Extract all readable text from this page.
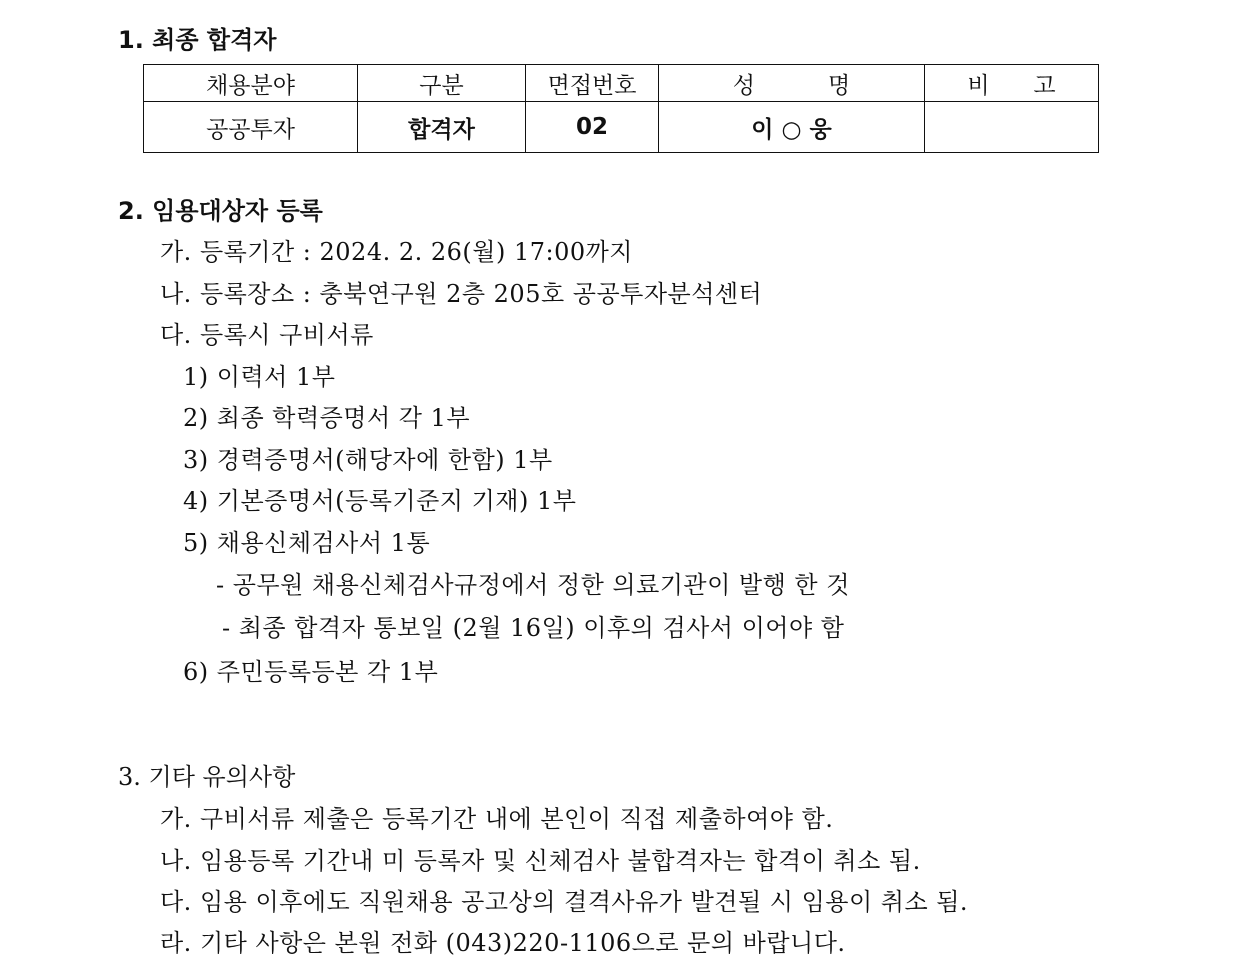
1. 최종 합격자
채용분야	구분	면접번호	성          명	비      고
공공투자	합격자	02	이 ○ 웅	
2. 임용대상자 등록
가. 등록기간 : 2024. 2. 26(월) 17:00까지
나. 등록장소 : 충북연구원 2층 205호 공공투자분석센터
다. 등록시 구비서류
1) 이력서 1부
2) 최종 학력증명서 각 1부
3) 경력증명서(해당자에 한함) 1부
4) 기본증명서(등록기준지 기재) 1부
5) 채용신체검사서 1통
- 공무원 채용신체검사규정에서 정한 의료기관이 발행 한 것
- 최종 합격자 통보일 (2월 16일) 이후의 검사서 이어야 함
6) 주민등록등본 각 1부
3. 기타 유의사항
가. 구비서류 제출은 등록기간 내에 본인이 직접 제출하여야 함.
나. 임용등록 기간내 미 등록자 및 신체검사 불합격자는 합격이 취소 됨.
다. 임용 이후에도 직원채용 공고상의 결격사유가 발견될 시 임용이 취소 됨.
라. 기타 사항은 본원 전화 (043)220-1106으로 문의 바랍니다.
